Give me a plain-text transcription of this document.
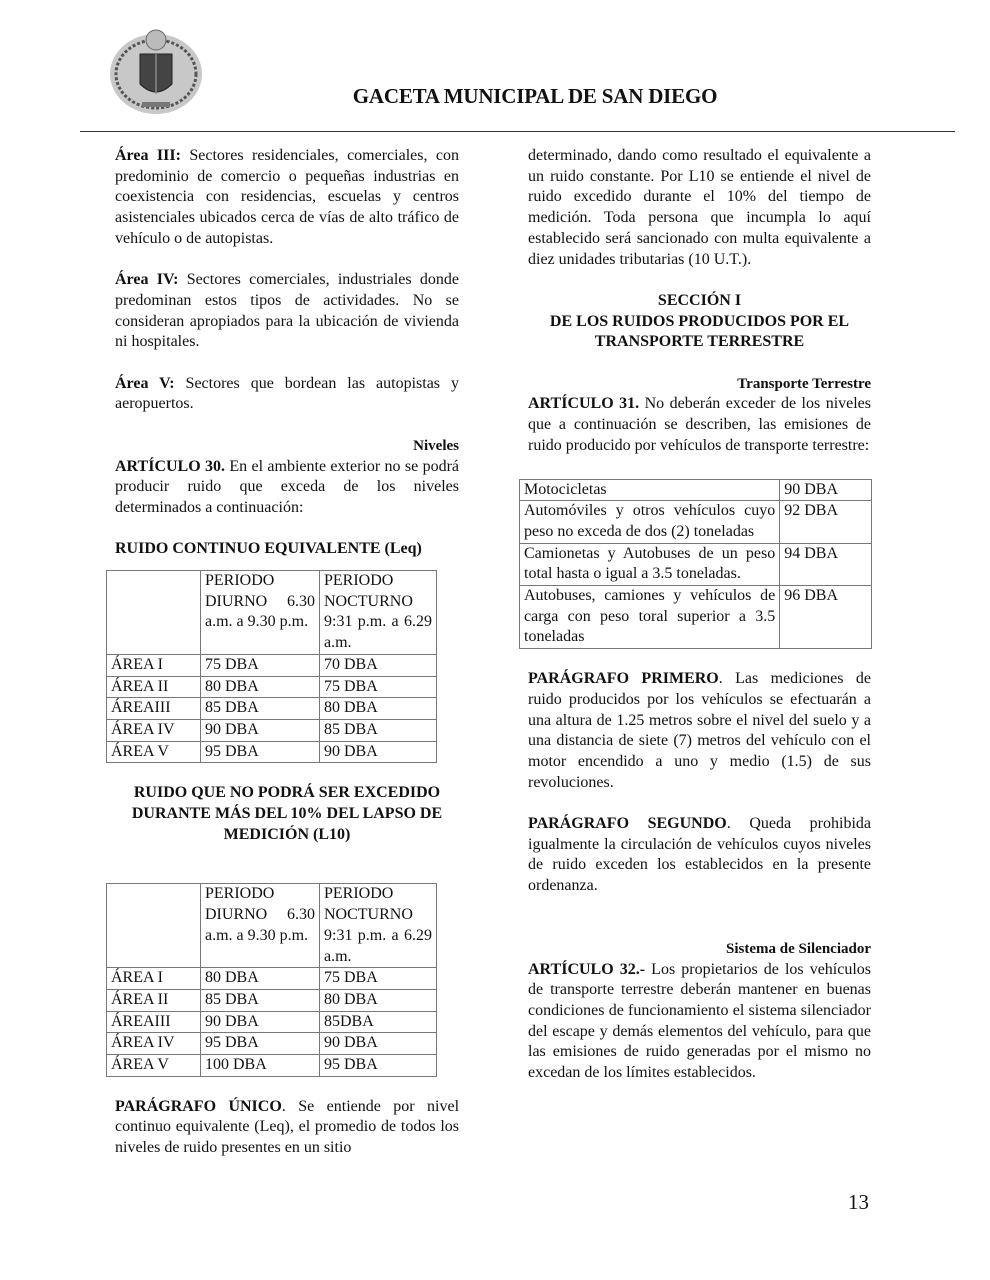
GACETA MUNICIPAL DE SAN DIEGO

Área III: Sectores residenciales, comerciales, con predominio de comercio o pequeñas industrias en coexistencia con residencias, escuelas y centros asistenciales ubicados cerca de vías de alto tráfico de vehículo o de autopistas.

Área IV: Sectores comerciales, industriales donde predominan estos tipos de actividades. No se consideran apropiados para la ubicación de vivienda ni hospitales.

Área V: Sectores que bordean las autopistas y aeropuertos.

Niveles

ARTÍCULO 30. En el ambiente exterior no se podrá producir ruido que exceda de los niveles determinados a continuación:

RUIDO CONTINUO EQUIVALENTE (Leq)

	PERIODO DIURNO 6.30 a.m. a 9.30 p.m.	PERIODO NOCTURNO 9:31 p.m. a 6.29 a.m.
ÁREA I	75 DBA	70 DBA
ÁREA II	80 DBA	75 DBA
ÁREAIII	85 DBA	80 DBA
ÁREA IV	90 DBA	85 DBA
ÁREA V	95 DBA	90 DBA

RUIDO QUE NO PODRÁ SER EXCEDIDO DURANTE MÁS DEL 10% DEL LAPSO DE MEDICIÓN (L10)

	PERIODO DIURNO 6.30 a.m. a 9.30 p.m.	PERIODO NOCTURNO 9:31 p.m. a 6.29 a.m.
ÁREA I	80 DBA	75 DBA
ÁREA II	85 DBA	80 DBA
ÁREAIII	90 DBA	85DBA
ÁREA IV	95 DBA	90 DBA
ÁREA V	100 DBA	95 DBA

PARÁGRAFO ÚNICO. Se entiende por nivel continuo equivalente (Leq), el promedio de todos los niveles de ruido presentes en un sitio

determinado, dando como resultado el equivalente a un ruido constante. Por L10 se entiende el nivel de ruido excedido durante el 10% del tiempo de medición. Toda persona que incumpla lo aquí establecido será sancionado con multa equivalente a diez unidades tributarias (10 U.T.).

SECCIÓN I
DE LOS RUIDOS PRODUCIDOS POR EL TRANSPORTE TERRESTRE
Transporte Terrestre

ARTÍCULO 31. No deberán exceder de los niveles que a continuación se describen, las emisiones de ruido producido por vehículos de transporte terrestre:

Motocicletas	90 DBA
Automóviles y otros vehículos cuyo peso no exceda de dos (2) toneladas	92 DBA
Camionetas y Autobuses de un peso total hasta o igual a 3.5 toneladas.	94 DBA
Autobuses, camiones y vehículos de carga con peso toral superior a 3.5 toneladas	96 DBA

PARÁGRAFO PRIMERO. Las mediciones de ruido producidos por los vehículos se efectuarán a una altura de 1.25 metros sobre el nivel del suelo y a una distancia de siete (7) metros del vehículo con el motor encendido a uno y medio (1.5) de sus revoluciones.

PARÁGRAFO SEGUNDO. Queda prohibida igualmente la circulación de vehículos cuyos niveles de ruido exceden los establecidos en la presente ordenanza.

Sistema de Silenciador

ARTÍCULO 32.- Los propietarios de los vehículos de transporte terrestre deberán mantener en buenas condiciones de funcionamiento el sistema silenciador del escape y demás elementos del vehículo, para que las emisiones de ruido generadas por el mismo no excedan de los límites establecidos.

13
